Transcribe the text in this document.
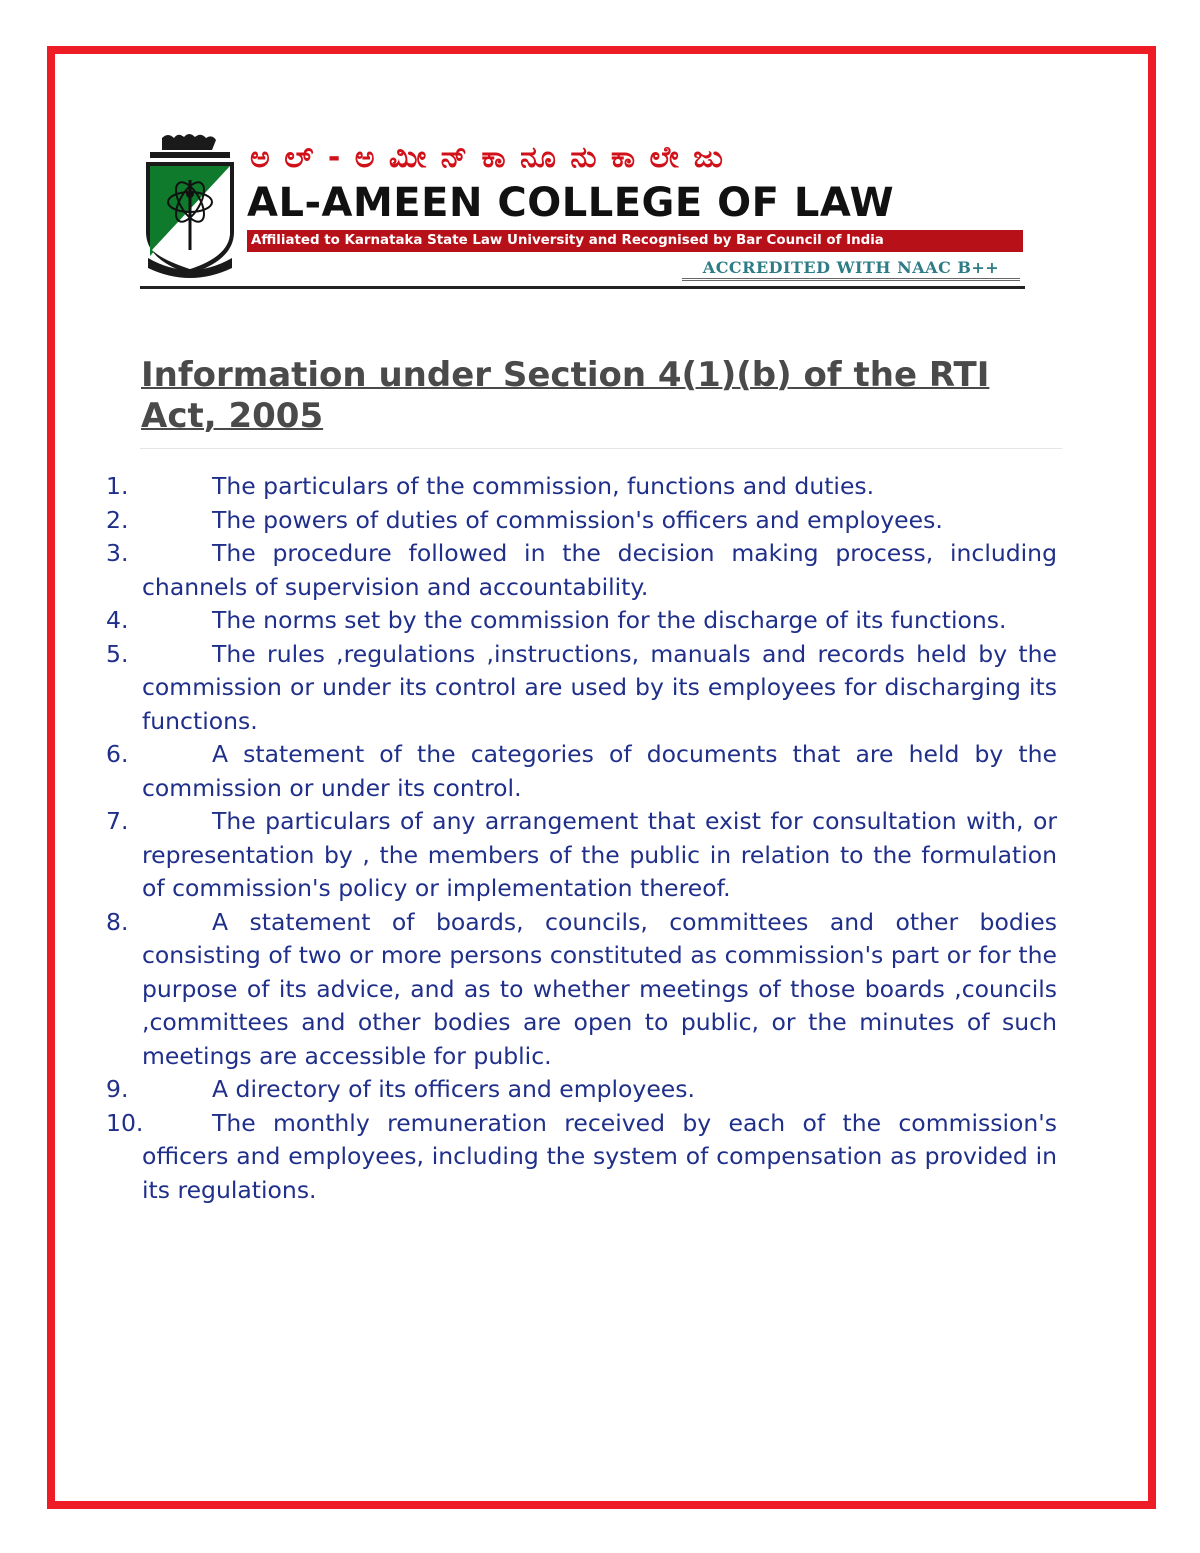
ಅ ಲ್ - ಅ ಮೀ ನ್ ಕಾ ನೂ ನು ಕಾ ಲೇ ಜು
AL-AMEEN COLLEGE OF LAW
Affiliated to Karnataka State Law University and Recognised by Bar Council of India
ACCREDITED WITH NAAC B++
Information under Section 4(1)(b) of the RTI Act, 2005
1.	The particulars of the commission, functions and duties.
2.	The powers of duties of commission's officers and employees.
3.	The procedure followed in the decision making process, including channels of supervision and accountability.
4.	The norms set by the commission for the discharge of its functions.
5.	The rules ,regulations ,instructions, manuals and records held by the commission or under its control are used by its employees for discharging its functions.
6.	A statement of the categories of documents that are held by the commission or under its control.
7.	The particulars of any arrangement that exist for consultation with, or representation by , the members of the public in relation to the formulation of commission's policy or implementation thereof.
8.	A statement of boards, councils, committees and other bodies consisting of two or more persons constituted as commission's part or for the purpose of its advice, and as to whether meetings of those boards ,councils ,committees and other bodies are open to public, or the minutes of such meetings are accessible for public.
9.	A directory of its officers and employees.
10.	The monthly remuneration received by each of the commission's officers and employees, including the system of compensation as provided in its regulations.
